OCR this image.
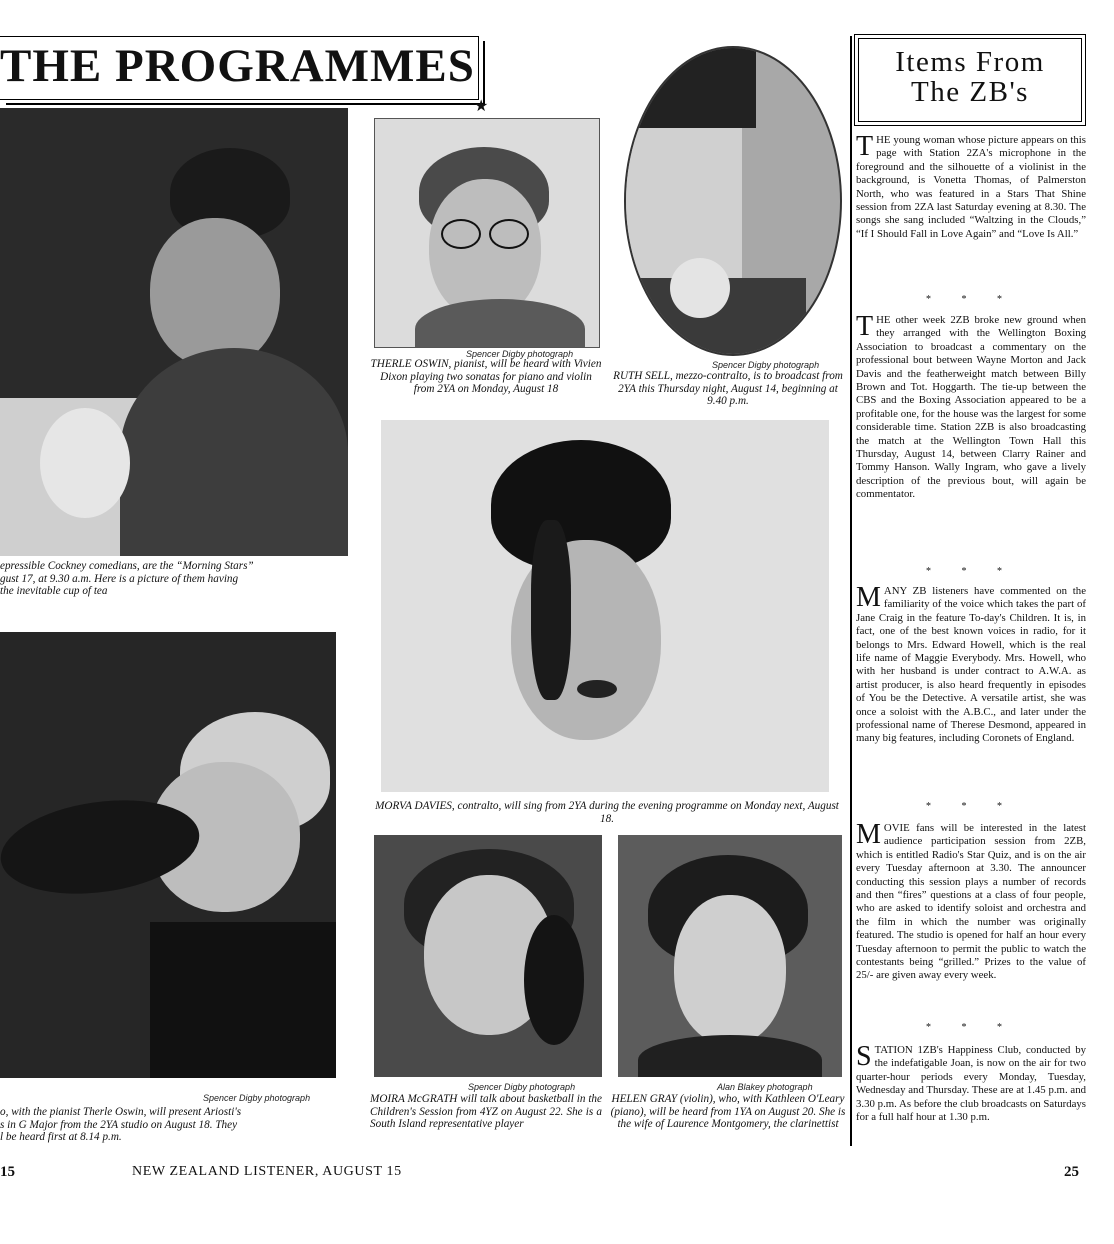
THE PROGRAMMES
★
epressible Cockney comedians, are the “Morning Stars”
gust 17, at 9.30 a.m. Here is a picture of them having
the inevitable cup of tea
Spencer Digby photograph
o, with the pianist Therle Oswin, will present Ariosti's
s in G Major from the 2YA studio on August 18. They
l be heard first at 8.14 p.m.
Spencer Digby photograph
THERLE OSWIN, pianist, will be heard with Vivien Dixon playing two sonatas for piano and violin from 2YA on Monday, August 18
Spencer Digby photograph
RUTH SELL, mezzo-contralto, is to broadcast from 2YA this Thursday night, August 14, beginning at 9.40 p.m.
MORVA DAVIES, contralto, will sing from 2YA during the evening programme on Monday next, August 18.
Spencer Digby photograph
MOIRA McGRATH will talk about basketball in the Children's Session from 4YZ on August 22. She is a South Island representative player
Alan Blakey photograph
HELEN GRAY (violin), who, with Kathleen O'Leary (piano), will be heard from 1YA on August 20. She is the wife of Laurence Montgomery, the clarinettist
Items From
The ZB's
THE young woman whose picture appears on this page with Station 2ZA's microphone in the foreground and the silhouette of a violinist in the background, is Vonetta Thomas, of Palmerston North, who was featured in a Stars That Shine session from 2ZA last Saturday evening at 8.30. The songs she sang included “Waltzing in the Clouds,” “If I Should Fall in Love Again” and “Love Is All.”
* * *
THE other week 2ZB broke new ground when they arranged with the Wellington Boxing Association to broadcast a commentary on the professional bout between Wayne Morton and Jack Davis and the featherweight match between Billy Brown and Tot. Hoggarth. The tie-up between the CBS and the Boxing Association appeared to be a profitable one, for the house was the largest for some considerable time. Station 2ZB is also broadcasting the match at the Wellington Town Hall this Thursday, August 14, between Clarry Rainer and Tommy Hanson. Wally Ingram, who gave a lively description of the previous bout, will again be commentator.
* * *
MANY ZB listeners have commented on the familiarity of the voice which takes the part of Jane Craig in the feature To-day's Children. It is, in fact, one of the best known voices in radio, for it belongs to Mrs. Edward Howell, which is the real life name of Maggie Everybody. Mrs. Howell, who with her husband is under contract to A.W.A. as artist producer, is also heard frequently in episodes of You be the Detective. A versatile artist, she was once a soloist with the A.B.C., and later under the professional name of Therese Desmond, appeared in many big features, including Coronets of England.
* * *
MOVIE fans will be interested in the latest audience participation session from 2ZB, which is entitled Radio's Star Quiz, and is on the air every Tuesday afternoon at 3.30. The announcer conducting this session plays a number of records and then “fires” questions at a class of four people, who are asked to identify soloist and orchestra and the film in which the number was originally featured. The studio is opened for half an hour every Tuesday afternoon to permit the public to watch the contestants being “grilled.” Prizes to the value of 25/- are given away every week.
* * *
STATION 1ZB's Happiness Club, conducted by the indefatigable Joan, is now on the air for two quarter-hour periods every Monday, Tuesday, Wednesday and Thursday. These are at 1.45 p.m. and 3.30 p.m. As before the club broadcasts on Saturdays for a full half hour at 1.30 p.m.
15	NEW ZEALAND LISTENER, AUGUST 15	25
